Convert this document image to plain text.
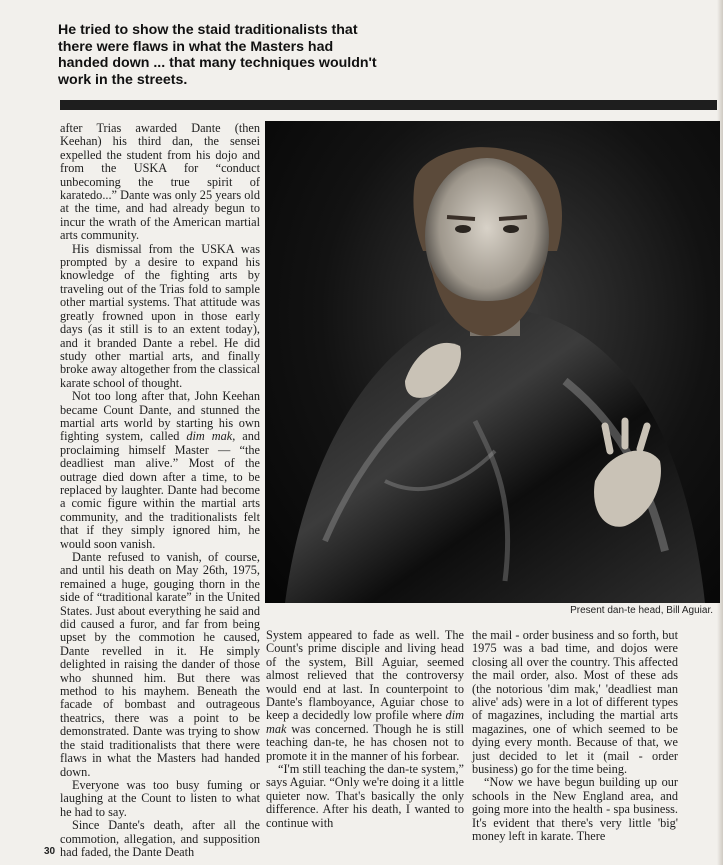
He tried to show the staid traditionalists that there were flaws in what the Masters had handed down ... that many techniques wouldn't work in the streets.

after Trias awarded Dante (then Keehan) his third dan, the sensei expelled the student from his dojo and from the USKA for “conduct unbecoming the true spirit of karatedo...” Dante was only 25 years old at the time, and had already begun to incur the wrath of the American martial arts community.

His dismissal from the USKA was prompted by a desire to expand his knowledge of the fighting arts by traveling out of the Trias fold to sample other martial systems. That attitude was greatly frowned upon in those early days (as it still is to an extent today), and it branded Dante a rebel. He did study other martial arts, and finally broke away altogether from the classical karate school of thought.

Not too long after that, John Keehan became Count Dante, and stunned the martial arts world by starting his own fighting system, called dim mak, and proclaiming himself Master — “the deadliest man alive.” Most of the outrage died down after a time, to be replaced by laughter. Dante had become a comic figure within the martial arts community, and the traditionalists felt that if they simply ignored him, he would soon vanish.

Dante refused to vanish, of course, and until his death on May 26th, 1975, remained a huge, gouging thorn in the side of “traditional karate” in the United States. Just about everything he said and did caused a furor, and far from being upset by the commotion he caused, Dante revelled in it. He simply delighted in raising the dander of those who shunned him. But there was method to his mayhem. Beneath the facade of bombast and outrageous theatrics, there was a point to be demonstrated. Dante was trying to show the staid traditionalists that there were flaws in what the Masters had handed down.

Everyone was too busy fuming or laughing at the Count to listen to what he had to say.

Since Dante's death, after all the commotion, allegation, and supposition had faded, the Dante Death

Present dan-te head, Bill Aguiar.

System appeared to fade as well. The Count's prime disciple and living head of the system, Bill Aguiar, seemed almost relieved that the controversy would end at last. In counterpoint to Dante's flamboyance, Aguiar chose to keep a decidedly low profile where dim mak was concerned. Though he is still teaching dan-te, he has chosen not to promote it in the manner of his forbear.

“I'm still teaching the dan-te system,” says Aguiar. “Only we're doing it a little quieter now. That's basically the only difference. After his death, I wanted to continue with

the mail - order business and so forth, but 1975 was a bad time, and dojos were closing all over the country. This affected the mail order, also. Most of these ads (the notorious 'dim mak,' 'deadliest man alive' ads) were in a lot of different types of magazines, including the martial arts magazines, one of which seemed to be dying every month. Because of that, we just decided to let it (mail - order business) go for the time being.

“Now we have begun building up our schools in the New England area, and going more into the health - spa business. It's evident that there's very little 'big' money left in karate. There

30
